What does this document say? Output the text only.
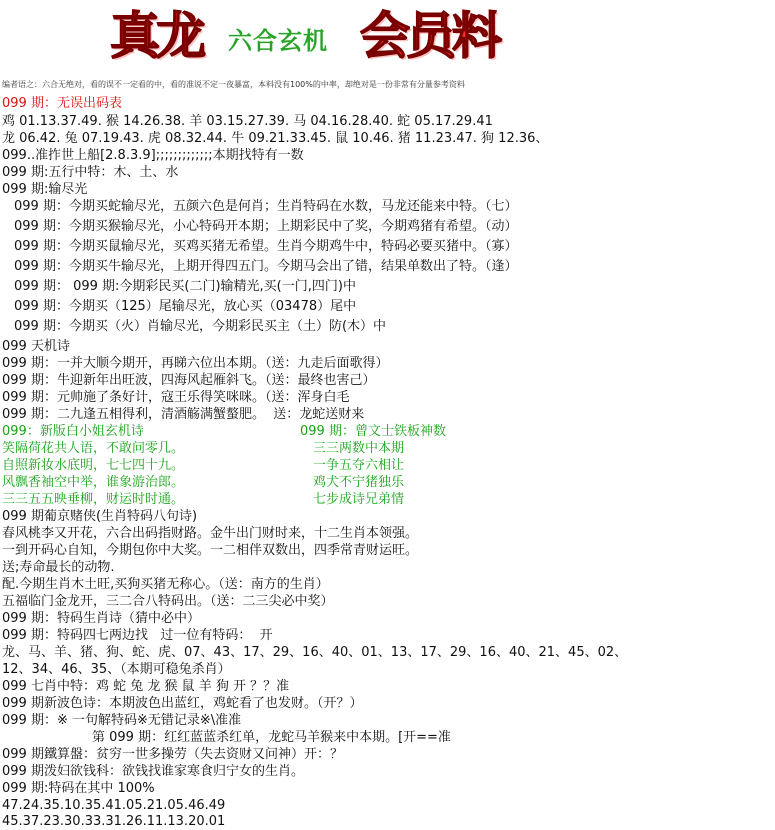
真龙 六合玄机 会员料
编者语之：六合无绝对，看的误不一定看的中，看的准说不定一夜暴富，本料没有100%的中率，却绝对是一份非常有分量参考资料
099 期：无误出码表
鸡 01.13.37.49. 猴 14.26.38. 羊 03.15.27.39. 马 04.16.28.40. 蛇 05.17.29.41
龙 06.42. 兔 07.19.43. 虎 08.32.44. 牛 09.21.33.45. 鼠 10.46. 猪 11.23.47. 狗 12.36、
099..准拃世上船[2.8.3.9];;;;;;;;;;;;;本期找特有一数
099 期:五行中特：木、土、水
099 期:输尽光
099 期：今期买蛇输尽光，五颜六色是何肖；生肖特码在水数，马龙还能来中特。（七）
099 期：今期买猴输尽光，小心特码开本期；上期彩民中了奖，今期鸡猪有希望。（动）
099 期：今期买鼠输尽光，买鸡买猪无希望。生肖今期鸡牛中，特码必要买猪中。（寡）
099 期：今期买牛输尽光，上期开得四五门。今期马会出了错，结果单数出了特。（逢）
099 期： 099 期:今期彩民买(二门)输精光,买(一门,四门)中
099 期：今期买（125）尾输尽光，放心买（03478）尾中
099 期：今期买（火）肖输尽光，今期彩民买主（土）防(木）中
099 天机诗
099 期：一并大顺今期开，再睇六位出本期。（送：九走后面歌得）
099 期：牛迎新年出旺波，四海风起雁斜飞。（送：最终也害己）
099 期：元帅施了条好计，寇王乐得笑咪咪。（送：浑身白毛
099 期：二九逢五相得利，清酒觞满蟹螯肥。  送：龙蛇送财来
099：新版白小姐玄机诗
笑隔荷花共人语，不敢问零几。
自照新妆水底明，七七四十九。
风飘香袖空中举，谁象游治郎。
三三五五映垂柳，财运时时通。
099 期：曾文士铁板神数
三三两数中本期
一争五夺六相让
鸡犬不宁猪独乐
七步成诗兄弟情
099 期葡京赌侠(生肖特码八句诗)
春风桃李又开花，六合出码指财路。金牛出门财时来，十二生肖本领强。
一到开码心自知，今期包你中大奖。一二相伴双数出，四季常青财运旺。
送;寿命最长的动物.
配.今期生肖木土旺,买狗买猪无称心。（送：南方的生肖）
五福临门金龙开，三二合八特码出。（送：二三尖必中奖）
099 期：特码生肖诗（猜中必中）
099 期：特码四七两边找   过一位有特码：  开
龙、马、羊、猪、狗、蛇、虎、07、43、17、29、16、40、01、13、17、29、16、40、21、45、02、
12、34、46、35、（本期可稳兔杀肖）
099 七肖中特：鸡 蛇 兔 龙 猴 鼠 羊 狗 开 ？？准
099 期新波色诗：本期波色出蓝红，鸡蛇看了也发财。（开？）
099 期：※ 一句解特码※无错记录※\准准
第 099 期：红红蓝蓝杀红单，龙蛇马羊猴来中本期。[开==准
099 期鐵算盤：贫穷一世多操劳（失去资财又问神）开：？
099 期泼妇欲钱科：欲钱找谁家寒食归宁女的生肖。
099 期:特码在其中 100%
47.24.35.10.35.41.05.21.05.46.49
45.37.23.30.33.31.26.11.13.20.01
